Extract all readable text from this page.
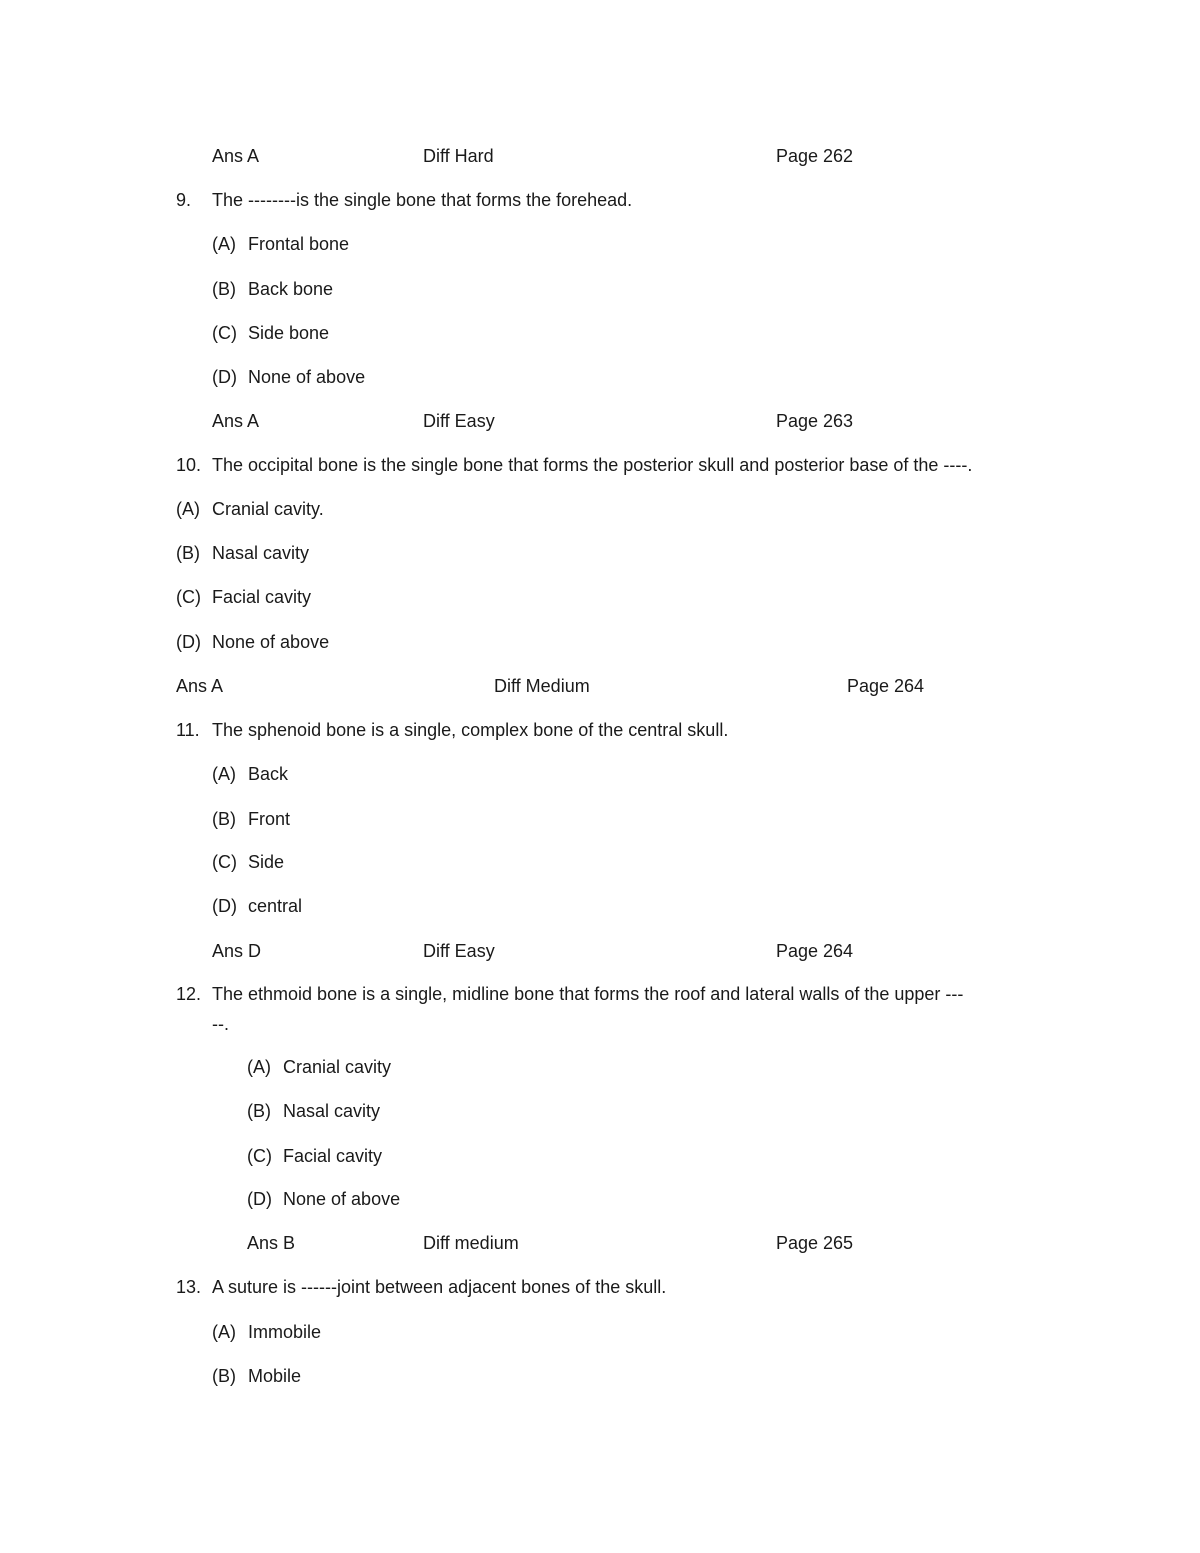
Ans A	Diff Hard	Page 262
9. The --------is the single bone that forms the forehead.
(A) Frontal bone
(B) Back bone
(C) Side bone
(D) None of above
Ans A	Diff Easy	Page 263
10. The occipital bone is the single bone that forms the posterior skull and posterior base of the ----.
(A) Cranial cavity.
(B) Nasal cavity
(C) Facial cavity
(D) None of above
Ans A	Diff Medium	Page 264
11. The sphenoid bone is a single, complex bone of the central skull.
(A) Back
(B) Front
(C) Side
(D) central
Ans D	Diff Easy	Page 264
12. The ethmoid bone is a single, midline bone that forms the roof and lateral walls of the upper ---
--.
(A) Cranial cavity
(B) Nasal cavity
(C) Facial cavity
(D) None of above
Ans B	Diff medium	Page 265
13. A suture is ------joint between adjacent bones of the skull.
(A) Immobile
(B) Mobile
